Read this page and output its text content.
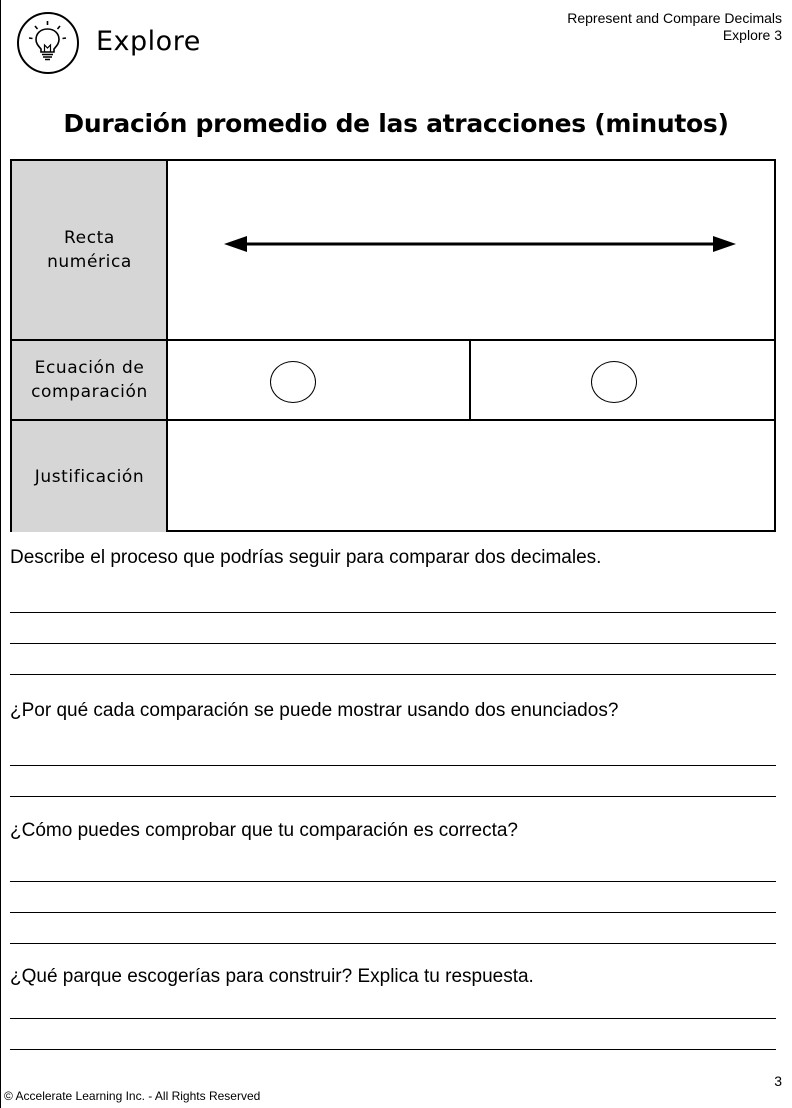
Explore
Represent and Compare Decimals
Explore 3
Duración promedio de las atracciones (minutos)
Recta
numérica
Ecuación de
comparación
Justificación
Describe el proceso que podrías seguir para comparar dos decimales.
¿Por qué cada comparación se puede mostrar usando dos enunciados?
¿Cómo puedes comprobar que tu comparación es correcta?
¿Qué parque escogerías para construir? Explica tu respuesta.
3
© Accelerate Learning Inc. - All Rights Reserved
